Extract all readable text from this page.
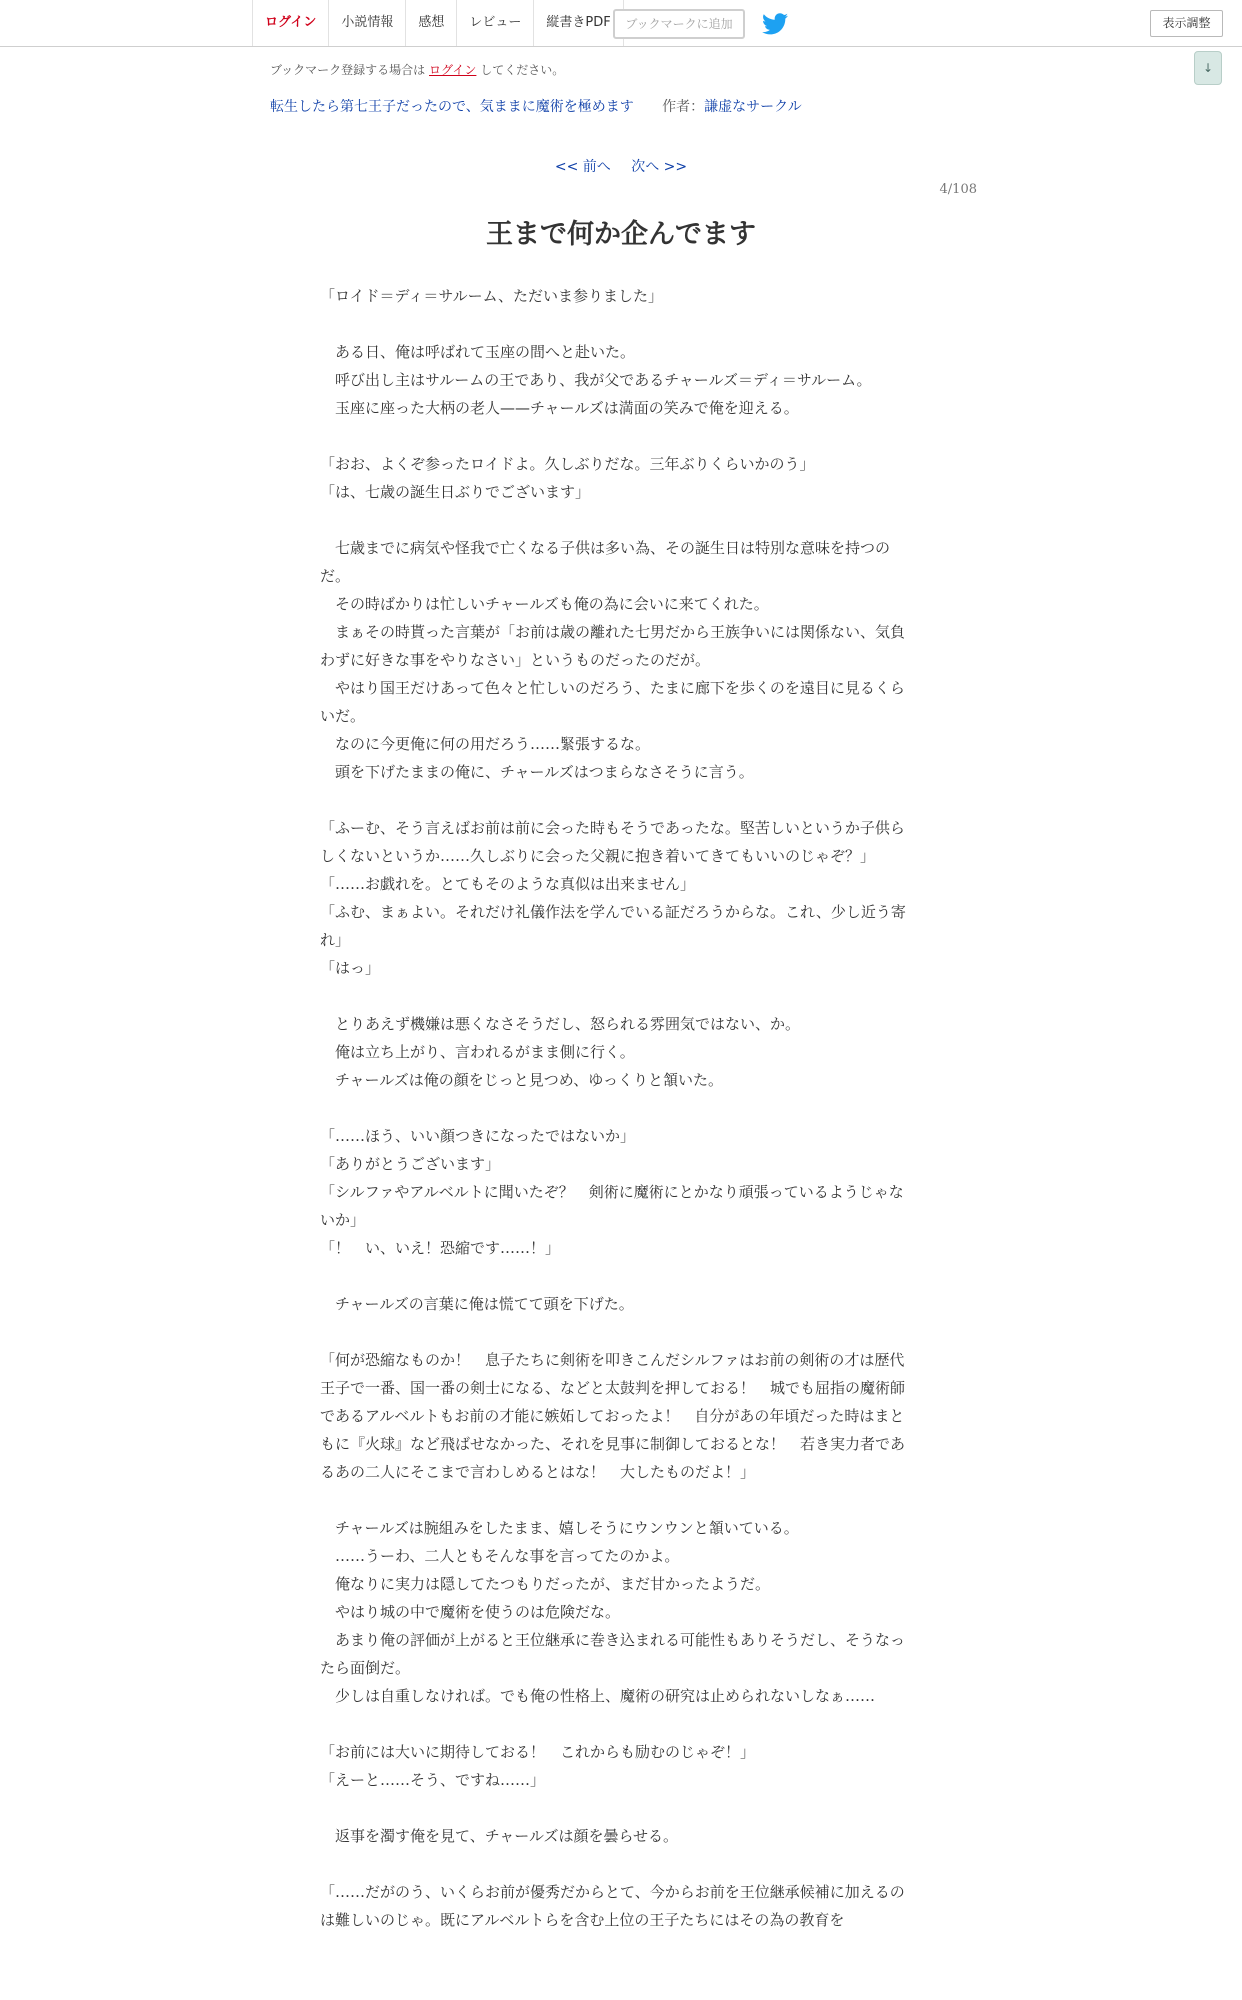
ログイン	小説情報	感想	レビュー	縦書きPDF	ブックマークに追加	表示調整
↓
ブックマーク登録する場合は ログイン してください。
転生したら第七王子だったので、気ままに魔術を極めます 作者：謙虚なサークル
<< 前へ 次へ >>
4/108
王まで何か企んでます
「ロイド＝ディ＝サルーム、ただいま参りました」
　ある日、俺は呼ばれて玉座の間へと赴いた。
　呼び出し主はサルームの王であり、我が父であるチャールズ＝ディ＝サルーム。
　玉座に座った大柄の老人——チャールズは満面の笑みで俺を迎える。
「おお、よくぞ参ったロイドよ。久しぶりだな。三年ぶりくらいかのう」
「は、七歳の誕生日ぶりでございます」
　七歳までに病気や怪我で亡くなる子供は多い為、その誕生日は特別な意味を持つのだ。
　その時ばかりは忙しいチャールズも俺の為に会いに来てくれた。
　まぁその時貰った言葉が「お前は歳の離れた七男だから王族争いには関係ない、気負わずに好きな事をやりなさい」というものだったのだが。
　やはり国王だけあって色々と忙しいのだろう、たまに廊下を歩くのを遠目に見るくらいだ。
　なのに今更俺に何の用だろう……緊張するな。
　頭を下げたままの俺に、チャールズはつまらなさそうに言う。
「ふーむ、そう言えばお前は前に会った時もそうであったな。堅苦しいというか子供らしくないというか……久しぶりに会った父親に抱き着いてきてもいいのじゃぞ？」
「……お戯れを。とてもそのような真似は出来ません」
「ふむ、まぁよい。それだけ礼儀作法を学んでいる証だろうからな。これ、少し近う寄れ」
「はっ」
　とりあえず機嫌は悪くなさそうだし、怒られる雰囲気ではない、か。
　俺は立ち上がり、言われるがまま側に行く。
　チャールズは俺の顔をじっと見つめ、ゆっくりと頷いた。
「……ほう、いい顔つきになったではないか」
「ありがとうございます」
「シルファやアルベルトに聞いたぞ？　剣術に魔術にとかなり頑張っているようじゃないか」
「！　い、いえ！恐縮です……！」
　チャールズの言葉に俺は慌てて頭を下げた。
「何が恐縮なものか！　息子たちに剣術を叩きこんだシルファはお前の剣術の才は歴代王子で一番、国一番の剣士になる、などと太鼓判を押しておる！　城でも屈指の魔術師であるアルベルトもお前の才能に嫉妬しておったよ！　自分があの年頃だった時はまともに『火球』など飛ばせなかった、それを見事に制御しておるとな！　若き実力者であるあの二人にそこまで言わしめるとはな！　大したものだよ！」
　チャールズは腕組みをしたまま、嬉しそうにウンウンと頷いている。
　……うーわ、二人ともそんな事を言ってたのかよ。
　俺なりに実力は隠してたつもりだったが、まだ甘かったようだ。
　やはり城の中で魔術を使うのは危険だな。
　あまり俺の評価が上がると王位継承に巻き込まれる可能性もありそうだし、そうなったら面倒だ。
　少しは自重しなければ。でも俺の性格上、魔術の研究は止められないしなぁ……
「お前には大いに期待しておる！　これからも励むのじゃぞ！」
「えーと……そう、ですね……」
　返事を濁す俺を見て、チャールズは顔を曇らせる。
「……だがのう、いくらお前が優秀だからとて、今からお前を王位継承候補に加えるのは難しいのじゃ。既にアルベルトらを含む上位の王子たちにはその為の教育を
